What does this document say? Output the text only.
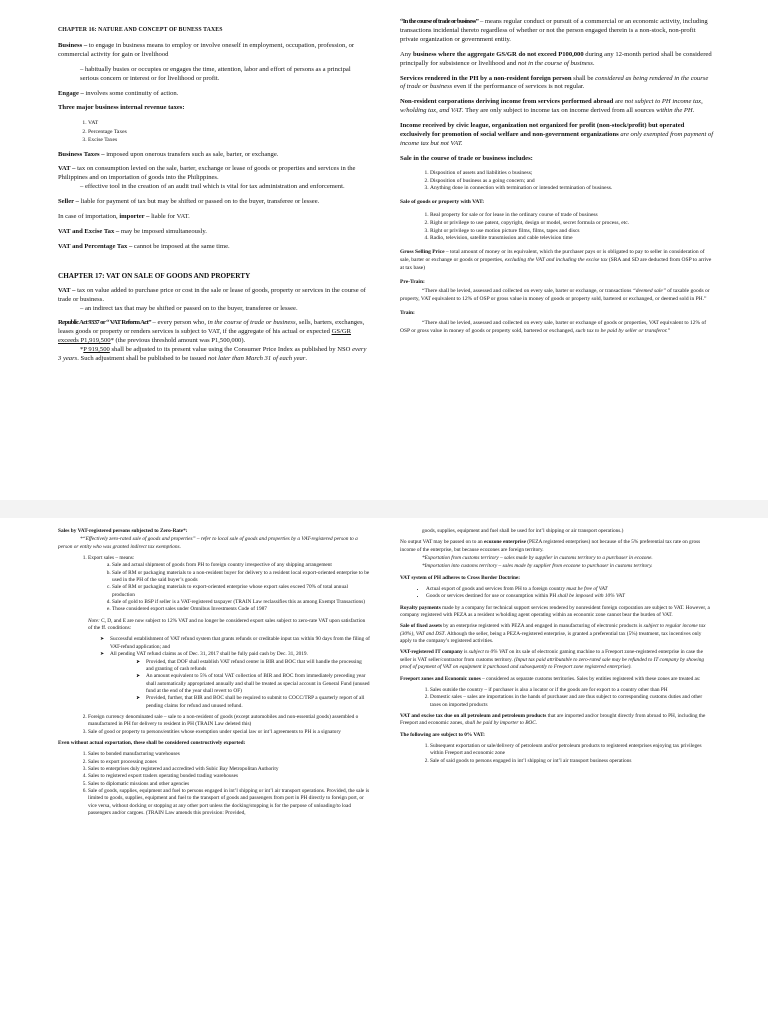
CHAPTER 16: NATURE AND CONCEPT OF BUNESS TAXES

Business – to engage in business means to employ or involve oneself in employment, occupation, profession, or commercial activity for gain or livelihood

– habitually busies or occupies or engages the time, attention, labor and effort of persons as a principal serious concern or interest or for livelihood or profit.

Engage – involves some continuity of action.

Three major business internal revenue taxes:

1. VAT
2. Percentage Taxes
3. Excise Taxes

Business Taxes – imposed upon onerous transfers such as sale, barter, or exchange.

VAT – tax on consumption levied on the sale, barter, exchange or lease of goods or properties and services in the Philippines and on importation of goods into the Philippines.

– effective tool in the creation of an audit trail which is vital for tax administration and enforcement.

Seller – liable for payment of tax but may be shifted or passed on to the buyer, transferee or lessee.

In case of importation, importer – liable for VAT.

VAT and Excise Tax – may be imposed simultaneously.

VAT and Percentage Tax – cannot be imposed at the same time.

CHAPTER 17: VAT ON SALE OF GOODS AND PROPERTY

VAT – tax on value added to purchase price or cost in the sale or lease of goods, property or services in the course of trade or business.

– an indirect tax that may be shifted or passed on to the buyer, transferee or lessee.

Republic Act 9337 or “ VAT Reform Act” – every person who, in the course of trade or business, sells, barters, exchanges, leases goods or property or renders services is subject to VAT, if the aggregate of his actual or expected GS/GR exceeds P1,919,500* (the previous threshold amount was P1,500,000).

*P 919,500 shall be adjusted to its present value using the Consumer Price Index as published by NSO every 3 years. Such adjustment shall be published to be issued not later than March 31 of each year.

“In the course of trade or business” – means regular conduct or pursuit of a commercial or an economic activity, including transactions incidental thereto regardless of whether or not the person engaged therein is a non-stock, non-profit private organization or government entity.

Any business where the aggregate GS/GR do not exceed P100,000 during any 12-month period shall be considered principally for subsistence or livelihood and not in the course of business.

Services rendered in the PH by a non-resident foreign person shall be considered as being rendered in the course of trade or business even if the performance of services is not regular.

Non-resident corporations deriving income from services performed abroad are not subject to PH income tax, w/holding tax, and VAT. They are only subject to income tax on income derived from all sources within the PH.

Income received by civic league, organization not organized for profit (non-stock/profit) but operated exclusively for promotion of social welfare and non-government organizations are only exempted from payment of income tax but not VAT.

Sale in the course of trade or business includes:

1. Disposition of assets and liabilities o business;
2. Disposition of business as a going concern; and
3. Anything done in connection with termination or intended termination of business.

Sale of goods or property with VAT:

1. Real property for sale or for lease in the ordinary course of trade of business
2. Right or privilege to use patent, copyright, design or model, secret formula or process, etc.
3. Right or privilege to use motion picture films, films, tapes and discs
4. Radio, television, satellite transmission and cable television time

Gross Selling Price – total amount of money or its equivalent, which the purchaser pays or is obligated to pay to seller in consideration of sale, barter or exchange or goods or properties, excluding the VAT and including the excise tax (SRA and SD are deducted from OSP to arrive at tax base)

Pre-Train:

“There shall be levied, assessed and collected on every sale, barter or exchange, or transactions “deemed sale” of taxable goods or property, VAT equivalent to 12% of OSP or gross value in money of goods or property sold, bartered or exchanged, or deemed sold in PH.”

Train:

“There shall be levied, assessed and collected on every sale, barter or exchange of goods or properties, VAT equivalent to 12% of OSP or gross value in money of goods or property sold, bartered or exchanged, such tax to be paid by seller or transferor.”

Sales by VAT-registered persons subjected to Zero-Rate*:

*“Effectively zero-rated sale of goods and properties” – refer to local sale of goods and properties by a VAT-registered person to a person or entity who was granted indirect tax exemptions.

1. Export sales – means:
a. Sale and actual shipment of goods from PH to foreign country irrespective of any shipping arrangement
b. Sale of RM or packaging materials to a non-resident buyer for delivery to a resident local export-oriented enterprise to be used in the PH of the said buyer’s goods
c. Sale of RM or packaging materials to export-oriented enterprise whose export sales exceed 70% of total annual production
d. Sale of gold to BSP if seller is a VAT-registered taxpayer (TRAIN Law reclassifies this as among Exempt Transactions)
e. Those considered export sales under Omnibus Investments Code of 1987

Note: C, D, and E are now subject to 12% VAT and no longer be considered export sales subject to zero-rate VAT upon satisfaction of the ff. conditions:

➤ Successful establishment of VAT refund system that grants refunds or creditable input tax within 90 days from the filing of VAT-refund application; and
➤ All pending VAT refund claims as of Dec. 31, 2017 shall be fully paid cash by Dec. 31, 2019.
➤ • Provided, that DOF shall establish VAT refund center in BIR and BOC that will handle the processing and granting of cash refunds
➤ • An amount equivalent to 5% of total VAT collection of BIR and BOC from immediately preceding year shall automatically appropriated annually and shall be treated as special account in General Fund (unused fund at the end of the year shall revert to OF)
➤ • Provided, further, that BIR and BOC shall be required to submit to COCC/TRP a quarterly report of all pending claims for refund and unused refund.
2. Foreign currency denominated sale – sale to a non-resident of goods (except automobiles and non-essential goods) assembled o manufactured in PH for delivery to resident in PH (TRAIN Law deleted this)
3. Sale of good or property to persons/entities whose exemption under special law or int’l agreements to PH is a signatory

Even without actual exportation, these shall be considered constructively exported:

1. Sales to bonded manufacturing warehouses
2. Sales to export processing zones
3. Sales to enterprises duly registered and accredited with Subic Bay Metropolitan Authority
4. Sales to registered export traders operating bonded trading warehouses
5. Sales to diplomatic missions and other agencies
6. Sale of goods, supplies, equipment and fuel to persons engaged in int’l shipping or int’l air transport operations. Provided, the sale is limited to goods, supplies, equipment and fuel to the transport of goods and passengers from port in PH directly to foreign port, or vice versa, without docking or stopping at any other port unless the docking/stopping is for the purpose of unloading/to load passengers and/or cargoes. (TRAIN Law amends this provision: Provided,

goods, supplies, equipment and fuel shall be used for int’l shipping or air transport operations.)

No output VAT may be passed on to an ecozone enterprise (PEZA registered enterprises) not because of the 5% preferential tax rate on gross income of the enterprise, but because ecozones are foreign territory.

*Exportation from customs territory – sales made by supplier in customs territory to a purchaser in ecozone.

*Importation into customs territory – sales made by supplier from ecozone to purchaser in customs territory.

VAT system of PH adheres to Cross Border Doctrine:

• Actual export of goods and services from PH to a foreign country must be free of VAT
• Goods or services destined for use or consumption within PH shall be imposed with 10% VAT

Royalty payments made by a company for technical support services rendered by nonresident foreign corporation are subject to VAT. However, a company registered with PEZA as a resident w/holding agent operating within an economic zone cannot bear the burden of VAT.

Sale of fixed assets by an enterprise registered with PEZA and engaged in manufacturing of electronic products is subject to regular income tax (30%), VAT and DST. Although the seller, being a PEZA-registered enterprise, is granted a preferential tax (5%) treatment, tax incentives only apply to the company’s registered activities.

VAT-registered IT company is subject to 0% VAT on its sale of electronic gaming machine to a Freeport zone-registered enterprise in case the seller is VAT seller/contractor from customs territory. (Input tax paid attributable to zero-rated sale may be refunded to IT company by showing proof of payment of VAT on equipment it purchased and subsequently to Freeport zone registered enterprise).

Freeport zones and Economic zones – considered as separate customs territories. Sales by entities registered with these zones are treated as:

1. Sales outside the country – if purchaser is also a locator or if the goods are for export to a country other than PH
2. Domestic sales – sales are importations in the hands of purchaser and are thus subject to corresponding customs duties and other taxes on imported products

VAT and excise tax due on all petroleum and petroleum products that are imported and/or brought directly from abroad to PH, including the Freeport and economic zones, shall be paid by importer to BOC.

The following are subject to 0% VAT:

1. Subsequent exportation or sale/delivery of petroleum and/or petroleum products to registered enterprises enjoying tax privileges within Freeport and economic zone
2. Sale of said goods to persons engaged in int’l shipping or int’l air transport business operations
